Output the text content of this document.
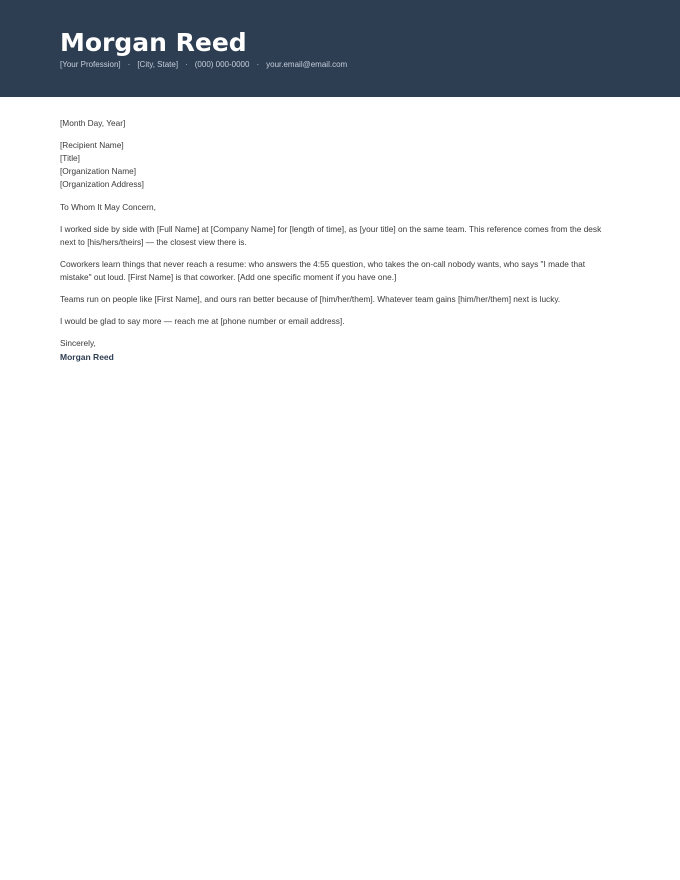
Morgan Reed
[Your Profession] · [City, State] · (000) 000-0000 · your.email@email.com

[Month Day, Year]

[Recipient Name]
[Title]
[Organization Name]
[Organization Address]

To Whom It May Concern,

I worked side by side with [Full Name] at [Company Name] for [length of time], as [your title] on the same team. This reference comes from the desk next to [his/hers/theirs] — the closest view there is.

Coworkers learn things that never reach a resume: who answers the 4:55 question, who takes the on-call nobody wants, who says "I made that mistake" out loud. [First Name] is that coworker. [Add one specific moment if you have one.]

Teams run on people like [First Name], and ours ran better because of [him/her/them]. Whatever team gains [him/her/them] next is lucky.

I would be glad to say more — reach me at [phone number or email address].

Sincerely,

Morgan Reed
